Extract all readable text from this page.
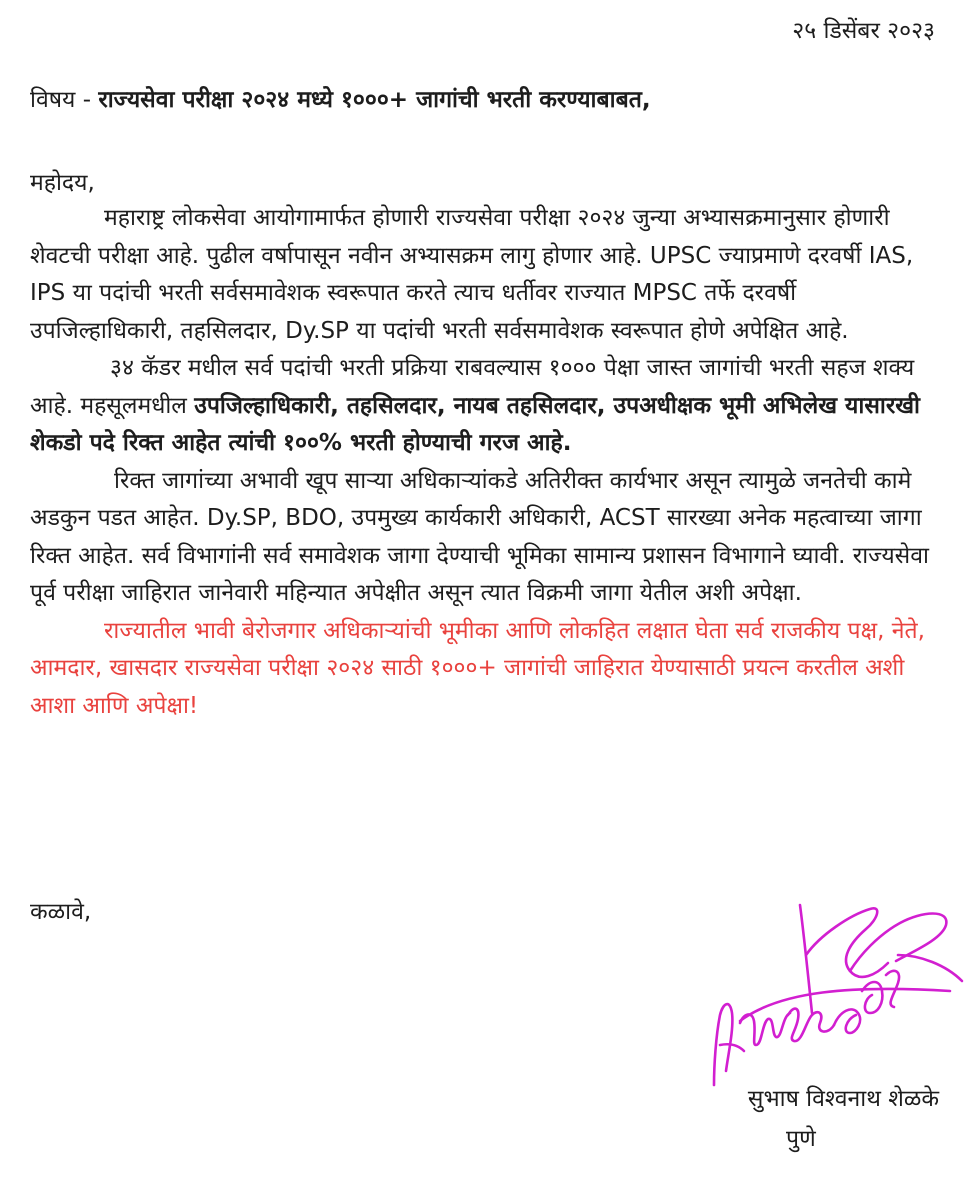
२५ डिसेंबर २०२३
विषय - राज्यसेवा परीक्षा २०२४ मध्ये १०००+ जागांची भरती करण्याबाबत,
महोदय,

महाराष्ट्र लोकसेवा आयोगामार्फत होणारी राज्यसेवा परीक्षा २०२४ जुन्या अभ्यासक्रमानुसार होणारी शेवटची परीक्षा आहे. पुढील वर्षापासून नवीन अभ्यासक्रम लागु होणार आहे. UPSC ज्याप्रमाणे दरवर्षी IAS, IPS या पदांची भरती सर्वसमावेशक स्वरूपात करते त्याच धर्तीवर राज्यात MPSC तर्फे दरवर्षी उपजिल्हाधिकारी, तहसिलदार, Dy.SP या पदांची भरती सर्वसमावेशक स्वरूपात होणे अपेक्षित आहे.

३४ कॅडर मधील सर्व पदांची भरती प्रक्रिया राबवल्यास १००० पेक्षा जास्त जागांची भरती सहज शक्य आहे. महसूलमधील उपजिल्हाधिकारी, तहसिलदार, नायब तहसिलदार, उपअधीक्षक भूमी अभिलेख यासारखी शेकडो पदे रिक्त आहेत त्यांची १००% भरती होण्याची गरज आहे.

रिक्त जागांच्या अभावी खूप साऱ्या अधिकाऱ्यांकडे अतिरीक्त कार्यभार असून त्यामुळे जनतेची कामे अडकुन पडत आहेत. Dy.SP, BDO, उपमुख्य कार्यकारी अधिकारी, ACST सारख्या अनेक महत्वाच्या जागा रिक्त आहेत. सर्व विभागांनी सर्व समावेशक जागा देण्याची भूमिका सामान्य प्रशासन विभागाने घ्यावी. राज्यसेवा पूर्व परीक्षा जाहिरात जानेवारी महिन्यात अपेक्षीत असून त्यात विक्रमी जागा येतील अशी अपेक्षा.

राज्यातील भावी बेरोजगार अधिकाऱ्यांची भूमीका आणि लोकहित लक्षात घेता सर्व राजकीय पक्ष, नेते, आमदार, खासदार राज्यसेवा परीक्षा २०२४ साठी १०००+ जागांची जाहिरात येण्यासाठी प्रयत्न करतील अशी आशा आणि अपेक्षा!

कळावे,
सुभाष विश्वनाथ शेळके
पुणे
